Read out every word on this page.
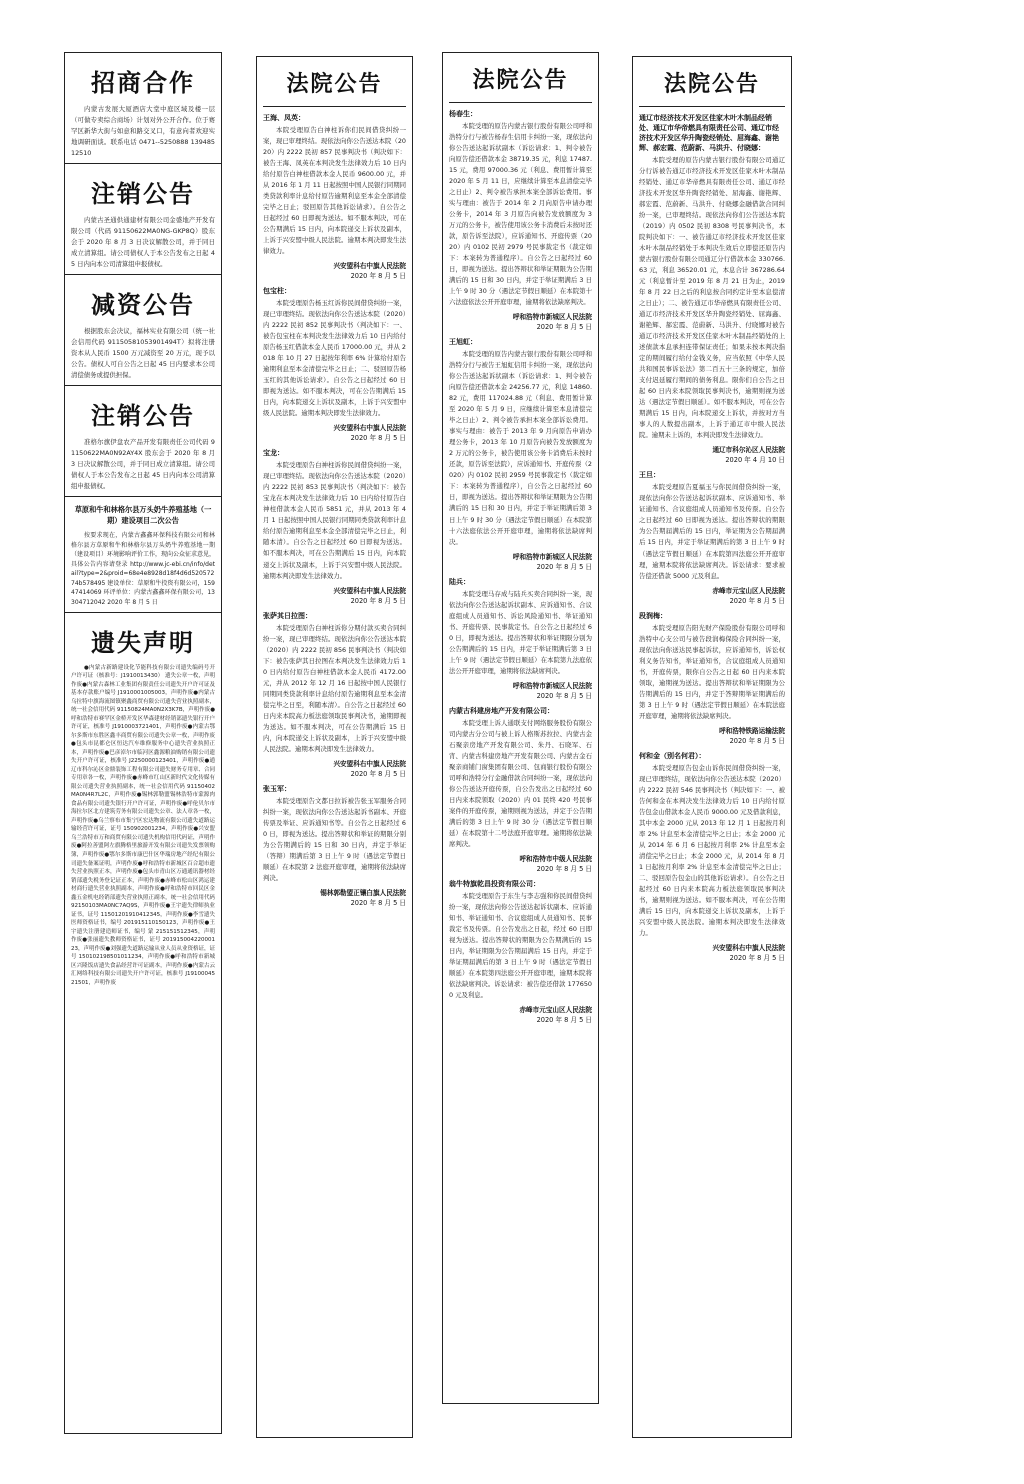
招商合作
内蒙古发展大厦酒店大堂中庭区域及楼一层（可做专卖综合商场）计划对外公开合作。位于赛罕区新华大街与如意和路交叉口，有意向者欢迎实地调研面谈。联系电话 0471--5250888 13948512510
注销公告
内蒙古圣通供通建材有限公司金盛地产开发有限公司（代码 91150622MA0NG-GKP8Q）股东会于 2020 年 8 月 3 日决议解散公司，并于同日成立清算组。请公司债权人于本公告发布之日起 45 日内向本公司清算组申报债权。
减资公告
根据股东会决议，福林实业有限公司（统一社会信用代码 91150581053901494T）拟将注册资本从人民币 1500 万元减资至 20 万元，现予以公告。债权人可自公告之日起 45 日内要求本公司清偿债务或提供担保。
注销公告
准格尔旗伊盘农产品开发有限责任公司代码 91150622MA0N92AY4X 股东会于 2020 年 8 月 3 日决议解散公司，并于同日成立清算组。请公司债权人于本公告发布之日起 45 日内向本公司清算组申报债权。
草原和牛和林格尔县万头奶牛养殖基地（一期）建设项目二次公告
按要求现在，内蒙古鑫鑫环保科技有限公司和林格尔县方草原和牛和林格尔县万头奶牛养殖基地一期（建设项目）环境影响评价工作，现向公众征求意见，具体公告内容请登录 http://www.jc-ebi.cn/info/detail?type=2&proid=68e4e8928d18f4d6d52057274b578495 建设单位：草原和牛投资有限公司，15947414069 环评单位：内蒙古鑫鑫环保有限公司，13304712042 2020 年 8 月 5 日
遗失声明
●内蒙古新路建设化节能科技有限公司遗失编码号开户许可证（核准号：J1910013430） 遗失公章一枚，声明作废●内蒙古森林工业集团有限责任公司遗失开户许可证及基本存款账户编号 J1910001005003，声明作废●内蒙古乌拉特中旗海流图镇聚鑫商贸有限公司遗失营业执照副本，统一社会信用代码 91150824MA0N2X3K7B，声明作废●呼和浩特市赛罕区金桥开发区华森建材经销部遗失银行开户许可证，核准号 J1910003721401，声明作废●内蒙古鄂尔多斯市东胜区鑫丰商贸有限公司遗失公章一枚，声明作废●包头市昆都仑区恒达汽车维修服务中心遗失营业执照正本，声明作废●巴彦淖尔市临河区鑫源粮油购销有限公司遗失开户许可证，核准号 J2250000123401，声明作废●通辽市科尔沁区金鼎装饰工程有限公司遗失财务专用章、合同专用章各一枚，声明作废●赤峰市红山区新时代文化传媒有限公司遗失营业执照副本，统一社会信用代码 91150402MA0N4R7L2C，声明作废●锡林郭勒盟锡林浩特市蒙源肉食品有限公司遗失银行开户许可证，声明作废●呼伦贝尔市海拉尔区北方建筑劳务有限公司遗失公章、法人章各一枚，声明作废●乌兰察布市集宁区宏达物流有限公司遗失道路运输经营许可证，证号 150902001234，声明作废●兴安盟乌兰浩特市万和商贸有限公司遗失机构信用代码证，声明作废●阿拉善盟阿左旗腾格里旅游开发有限公司遗失发票领购簿，声明作废●鄂尔多斯市康巴什区华瑞房地产经纪有限公司遗失备案证明，声明作废●呼和浩特市新城区百合超市遗失营业执照正本，声明作废●包头市青山区万通通讯器材经销部遗失税务登记证正本，声明作废●赤峰市松山区鸿运建材商行遗失营业执照副本，声明作废●呼和浩特市回民区金鑫五金机电经销部遗失营业执照正副本，统一社会信用代码 92150103MA0NC7AQ9S，声明作废●王宇遗失律师执业证书，证号 11501201910412345，声明作废●李雪遗失医师资格证书，编号 201915110150123，声明作废●王宇遗失注册建造师证书，编号 蒙 215151512345，声明作废●张丽遗失教师资格证书，证号 20191500422000123，声明作废●刘强遗失道路运输从业人员从业资格证，证号 150102198501011234，声明作废●呼和浩特市新城区兴隆饭店遗失食品经营许可证副本，声明作废●内蒙古云汇网络科技有限公司遗失开户许可证，核准号 J1910004521501，声明作废
法院公告
王海、凤英：
本院受理原告白神柱诉你们民间借贷纠纷一案，现已审理终结。现依法向你公告送达本院（2020）内 2222 民初 857 民事判决书（判决如下：被告王海、凤英在本判决发生法律效力后 10 日内给付原告白神柱借款本金人民币 9600.00 元，并从 2016 年 1 月 11 日起按照中国人民银行同期同类贷款利率计息给付原告逾期利息至本金全部清偿完毕之日止；驳回原告其他诉讼请求）。自公告之日起经过 60 日即视为送达。如不服本判决，可在公告期满后 15 日内，向本院递交上诉状及副本，上诉于兴安盟中级人民法院。逾期本判决即发生法律效力。
兴安盟科右中旗人民法院
2020 年 8 月 5 日
包宝柱：
本院受理原告杨玉红诉你民间借贷纠纷一案，现已审理终结。现依法向你公告送达本院（2020）内 2222 民初 852 民事判决书（判决如下：一、被告包宝柱在本判决发生法律效力后 10 日内给付原告杨玉红借款本金人民币 17000.00 元，并从 2018 年 10 月 27 日起按年利率 6% 计算给付原告逾期利息至本金清偿完毕之日止；二、驳回原告杨玉红的其他诉讼请求）。自公告之日起经过 60 日即视为送达。如不服本判决，可在公告期满后 15 日内，向本院递交上诉状及副本，上诉于兴安盟中级人民法院。逾期本判决即发生法律效力。
兴安盟科右中旗人民法院
2020 年 8 月 5 日
宝龙：
本院受理原告白神柱诉你民间借贷纠纷一案，现已审理终结。现依法向你公告送达本院（2020）内 2222 民初 853 民事判决书（判决如下：被告宝龙在本判决发生法律效力后 10 日内给付原告白神柱借款本金人民币 5851 元，并从 2013 年 4 月 1 日起按照中国人民银行同期同类贷款利率计息给付原告逾期利息至本金全部清偿完毕之日止，利随本清）。自公告之日起经过 60 日即视为送达。如不服本判决，可在公告期满后 15 日内，向本院递交上诉状及副本，上诉于兴安盟中级人民法院。逾期本判决即发生法律效力。
兴安盟科右中旗人民法院
2020 年 8 月 5 日
张萨其日拉图：
本院受理原告白神柱诉你分期付款买卖合同纠纷一案，现已审理终结。现依法向你公告送达本院（2020）内 2222 民初 856 民事判决书（判决如下：被告张萨其日拉图在本判决发生法律效力后 10 日内给付原告白神柱借款本金人民币 4172.00 元，并从 2012 年 12 月 16 日起按中国人民银行同期同类贷款利率计息给付原告逾期利息至本金清偿完毕之日至，利随本清）。自公告之日起经过 60 日内来本院高力板法庭领取民事判决书，逾期即视为送达。如不服本判决，可在公告期满后 15 日内，向本院递交上诉状及副本，上诉于兴安盟中级人民法院。逾期本判决即发生法律效力。
兴安盟科右中旗人民法院
2020 年 8 月 5 日
张玉军：
本院受理原告文都日拉诉被告张玉军服务合同纠纷一案，现依法向你公告送达起诉书副本、开庭传票及举证、应诉通知书等。自公告之日起经过 60 日，即视为送达。提出答辩状和举证的期限分别为公告期满后的 15 日和 30 日内，并定于举证（答辩）期满后第 3 日上午 9 时（遇法定节假日顺延）在本院第 2 法庭开庭审理，逾期将依法缺席判决。
锡林郭勒盟正镶白旗人民法院
2020 年 8 月 5 日
法院公告
杨春生：
本院受理的原告内蒙古银行股份有限公司呼和浩特分行与被告杨春生信用卡纠纷一案，现依法向你公告送达起诉状副本（诉讼请求：1、判令被告向原告偿还借款本金 38719.35 元，利息 17487.15 元，费用 97000.36 元（利息、费用暂计算至 2020 年 5 月 11 日，应继续计算至本息清偿完毕之日止）2、判令被告承担本案全部诉讼费用。事实与理由：被告于 2014 年 2 月向原告申请办理公务卡，2014 年 3 月原告向被告发放额度为 3 万元的公务卡，被告使用该公务卡消费后未按时还款，原告诉至法院），应诉通知书、开庭传票（2020）内 0102 民初 2979 号民事裁定书（裁定如下：本案转为普通程序）。自公告之日起经过 60 日，即视为送达。提出答辩状和举证期限为公告期满后的 15 日和 30 日内，并定于举证期满后 3 日上午 9 时 30 分（遇法定节假日顺延）在本院第十六法庭依法公开开庭审理，逾期将依法缺席判决。
呼和浩特市新城区人民法院
2020 年 8 月 5 日
王旭虹：
本院受理的原告内蒙古银行股份有限公司呼和浩特分行与被告王旭虹信用卡纠纷一案，现依法向你公告送达起诉状副本（诉讼请求：1、判令被告向原告偿还借款本金 24256.77 元，利息 14860.82 元，费用 117024.88 元（利息、费用暂计算至 2020 年 5 月 9 日，应继续计算至本息清偿完毕之日止）2、判令被告承担本案全部诉讼费用。事实与理由：被告于 2013 年 9 月向原告申请办理公务卡，2013 年 10 月原告向被告发放额度为 2 万元的公务卡，被告使用该公务卡消费后未按时还款，原告诉至法院），应诉通知书、开庭传票（2020）内 0102 民初 2959 号民事裁定书（裁定如下：本案转为普通程序），自公告之日起经过 60 日，即视为送达。提出答辩状和举证期限为公告期满后的 15 日和 30 日内，并定于举证期满后第 3 日上午 9 时 30 分（遇法定节假日顺延）在本院第十六法庭依法公开开庭审理，逾期将依法缺席判决。
呼和浩特市新城区人民法院
2020 年 8 月 5 日
陆兵：
本院受理马存成与陆兵买卖合同纠纷一案，现依法向你公告送达起诉状副本、应诉通知书、合议庭组成人员通知书、诉讼风险通知书、举证通知书、开庭传票、民事裁定书。自公告之日起经过 60 日，即视为送达。提出答辩状和举证期限分别为公告期满后的 15 日内，并定于举证期满后第 3 日上午 9 时（遇法定节假日顺延）在本院第九法庭依法公开开庭审理，逾期将依法缺席判决。
呼和浩特市新城区人民法院
2020 年 8 月 5 日
内蒙古科建房地产开发有限公司：
本院受理上诉人通联支付网络服务股份有限公司内蒙古分公司与被上诉人格斯苏拉拉、内蒙古金石聚亲房地产开发有限公司、朱丹、石晓军、石宵、内蒙古科建房地产开发有限公司、内蒙古金石聚亲商铺门窗集团有限公司、包商银行股份有限公司呼和浩特分行金融借款合同纠纷一案，现依法向你公告送达开庭传票，自公告发出之日起经过 60 日内来本院领取（2020）内 01 民终 420 号民事案件的开庭传票，逾期则视为送达，并定于公告期满后的第 3 日上午 9 时 30 分（遇法定节假日顺延）在本院第十二号法庭开庭审理。逾期将依法缺席判决。
呼和浩特市中级人民法院
2020 年 8 月 5 日
翁牛特旗乾昌投资有限公司：
本院受理原告于东生与李志强和你民间借贷纠纷一案，现依法向你公告送达起诉状副本、应诉通知书、举证通知书、合议庭组成人员通知书、民事裁定书及传票。自公告发出之日起，经过 60 日即视为送达。提出答辩状的期限为公告期满后的 15 日内，举证期限为公告期届满后 15 日内，并定于举证期届满后的第 3 日上午 9 时（遇法定节假日顺延）在本院第四法庭公开开庭审理，逾期本院将依法缺席判决。诉讼请求：被告偿还借款 1776500 元及利息。
赤峰市元宝山区人民法院
2020 年 8 月 5 日
法院公告
通辽市经济技术开发区佳家木叶木制品经销处、通辽市华帝燃具有限责任公司、通辽市经济技术开发区华升陶瓷经销处、屈海鑫、谢艳辉、郝宏霞、范蔚新、马洪升、付晓娜：
本院受理的原告内蒙古银行股份有限公司通辽分行诉被告通辽市经济技术开发区佳家木叶木制品经销处、通辽市华帝燃具有限责任公司、通辽市经济技术开发区华升陶瓷经销处、屈海鑫、谢艳辉、郝宏霞、范蔚新、马洪升、付晓娜金融借款合同纠纷一案，已审理终结。现依法向你们公告送达本院（2019）内 0502 民初 8308 号民事判决书，本院判决如下：一、被告通辽市经济技术开发区佳家木叶木制品经销处于本判决生效后立即偿还原告内蒙古银行股份有限公司通辽分行借款本金 330766.63 元，利息 36520.01 元，本息合计 367286.64 元（利息暂计至 2019 年 8 月 21 日为止，2019 年 8 月 22 日之后的利息按合同约定计至本息偿清之日止）；二、被告通辽市华帝燃具有限责任公司、通辽市经济技术开发区华升陶瓷经销处、屈海鑫、谢艳辉、郝宏霞、范蔚新、马洪升、付晓娜对被告通辽市经济技术开发区佳家木叶木制品经销处的上述债款本息承担连带保证责任；如果未按本判决指定的期间履行给付金钱义务，应当依照《中华人民共和国民事诉讼法》第二百五十三条的规定，加倍支付迟延履行期间的债务利息。限你们自公告之日起 60 日内来本院领取民事判决书，逾期则视为送达（遇法定节假日顺延）。如不服本判决，可在公告期满后 15 日内，向本院递交上诉状，并按对方当事人的人数提出副本，上诉于通辽市中级人民法院。逾期未上诉的，本判决即发生法律效力。
通辽市科尔沁区人民法院
2020 年 4 月 10 日
王旦：
本院受理原告夏福玉与你民间借贷纠纷一案，现依法向你公告送达起诉状副本、应诉通知书、举证通知书、合议庭组成人员通知书及传票。自公告之日起经过 60 日即视为送达。提出答辩状的期限为公告期届满后的 15 日内，举证期为公告期届满后 15 日内，并定于举证期满后的第 3 日上午 9 时（遇法定节假日顺延）在本院第四法庭公开开庭审理，逾期本院将依法缺席判决。诉讼请求：要求被告偿还借款 5000 元及利息。
赤峰市元宝山区人民法院
2020 年 8 月 5 日
段润梅：
本院受理原告阳光财产保险股份有限公司呼和浩特中心支公司与被告段润梅保险合同纠纷一案，现依法向你送达民事起诉状，应诉通知书，诉讼权利义务告知书，举证通知书，合议庭组成人员通知书，开庭传票，限你自公告之日起 60 日内来本院领取，逾期视为送达。提出答辩状和举证期限为公告期满后的 15 日内，并定于答辩期举证期满后的第 3 日上午 9 时（遇法定节假日顺延）在本院法庭开庭审理，逾期将依法缺席判决。
呼和浩特铁路运输法院
2020 年 8 月 5 日
何和金（别名何君）：
本院受理原告包金山诉你民间借贷纠纷一案，现已审理终结，现依法向你公告送达本院（2020）内 2222 民初 546 民事判决书（判决如下：一、被告何和金在本判决发生法律效力后 10 日内给付原告包金山借款本金人民币 9000.00 元及借款利息，其中本金 2000 元从 2013 年 12 月 1 日起按月利率 2% 计息至本金清偿完毕之日止；本金 2000 元从 2014 年 6 月 6 日起按月利率 2% 计息至本金清偿完毕之日止；本金 2000 元，从 2014 年 8 月 1 日起按月利率 2% 计息至本金清偿完毕之日止；二、驳回原告包金山的其他诉讼请求）。自公告之日起经过 60 日内来本院高力板法庭领取民事判决书，逾期则视为送达。如不服本判决，可在公告期满后 15 日内，向本院递交上诉状及副本，上诉于兴安盟中级人民法院。逾期本判决即发生法律效力。
兴安盟科右中旗人民法院
2020 年 8 月 5 日
